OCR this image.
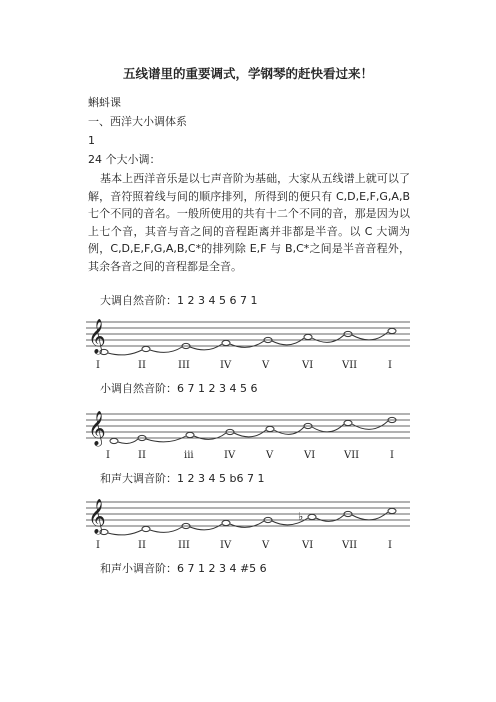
五线谱里的重要调式，学钢琴的赶快看过来！
蝌蚪课
一、西洋大小调体系
1
24 个大小调：
基本上西洋音乐是以七声音阶为基础，大家从五线谱上就可以了解，音符照着线与间的顺序排列，所得到的便只有 C,D,E,F,G,A,B 七个不同的音名。一般所使用的共有十二个不同的音，那是因为以上七个音，其音与音之间的音程距离并非都是半音。以 C 大调为例，C,D,E,F,G,A,B,C*的排列除 E,F 与 B,C*之间是半音音程外，其余各音之间的音程都是全音。
大调自然音阶：1 2 3 4 5 6 7 1
𝄞
I	II	III	IV	V	VI	VII	I
小调自然音阶：6 7 1 2 3 4 5 6
𝄞
I	II	iii	IV	V	VI	VII	I
和声大调音阶：1 2 3 4 5 b6 7 1
𝄞	♭
I	II	III	IV	V	VI	VII	I
和声小调音阶：6 7 1 2 3 4 #5 6
